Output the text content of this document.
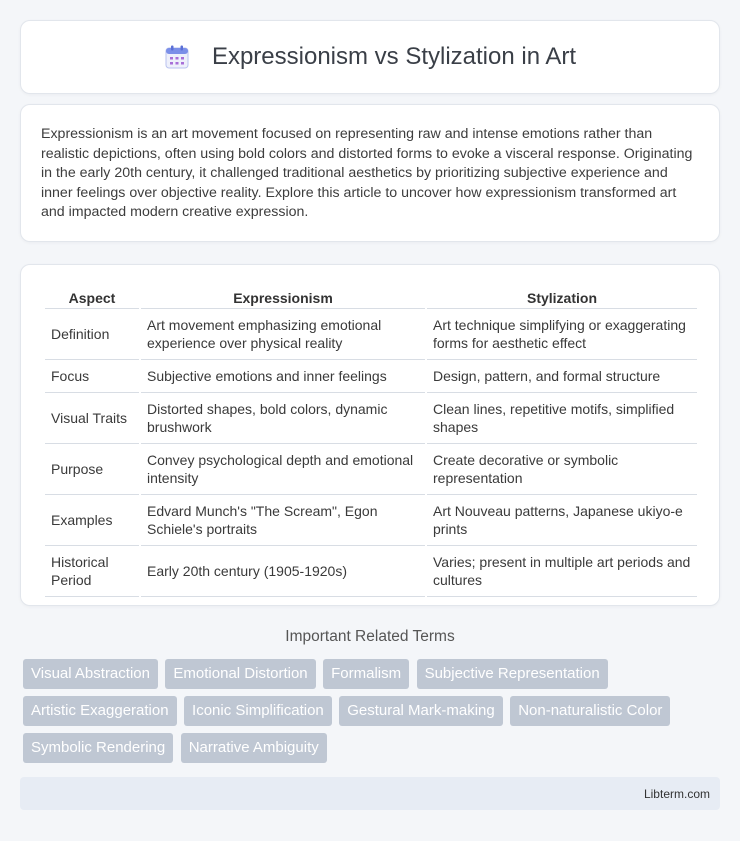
Expressionism vs Stylization in Art

Expressionism is an art movement focused on representing raw and intense emotions rather than realistic depictions, often using bold colors and distorted forms to evoke a visceral response. Originating in the early 20th century, it challenged traditional aesthetics by prioritizing subjective experience and inner feelings over objective reality. Explore this article to uncover how expressionism transformed art and impacted modern creative expression.

Aspect	Expressionism	Stylization
Definition	Art movement emphasizing emotional experience over physical reality	Art technique simplifying or exaggerating forms for aesthetic effect
Focus	Subjective emotions and inner feelings	Design, pattern, and formal structure
Visual Traits	Distorted shapes, bold colors, dynamic brushwork	Clean lines, repetitive motifs, simplified shapes
Purpose	Convey psychological depth and emotional intensity	Create decorative or symbolic representation
Examples	Edvard Munch's "The Scream", Egon Schiele's portraits	Art Nouveau patterns, Japanese ukiyo-e prints
Historical Period	Early 20th century (1905-1920s)	Varies; present in multiple art periods and cultures
Important Related Terms
Visual Abstraction Emotional Distortion Formalism Subjective Representation Artistic Exaggeration Iconic Simplification Gestural Mark-making Non-naturalistic Color Symbolic Rendering Narrative Ambiguity
Libterm.com
